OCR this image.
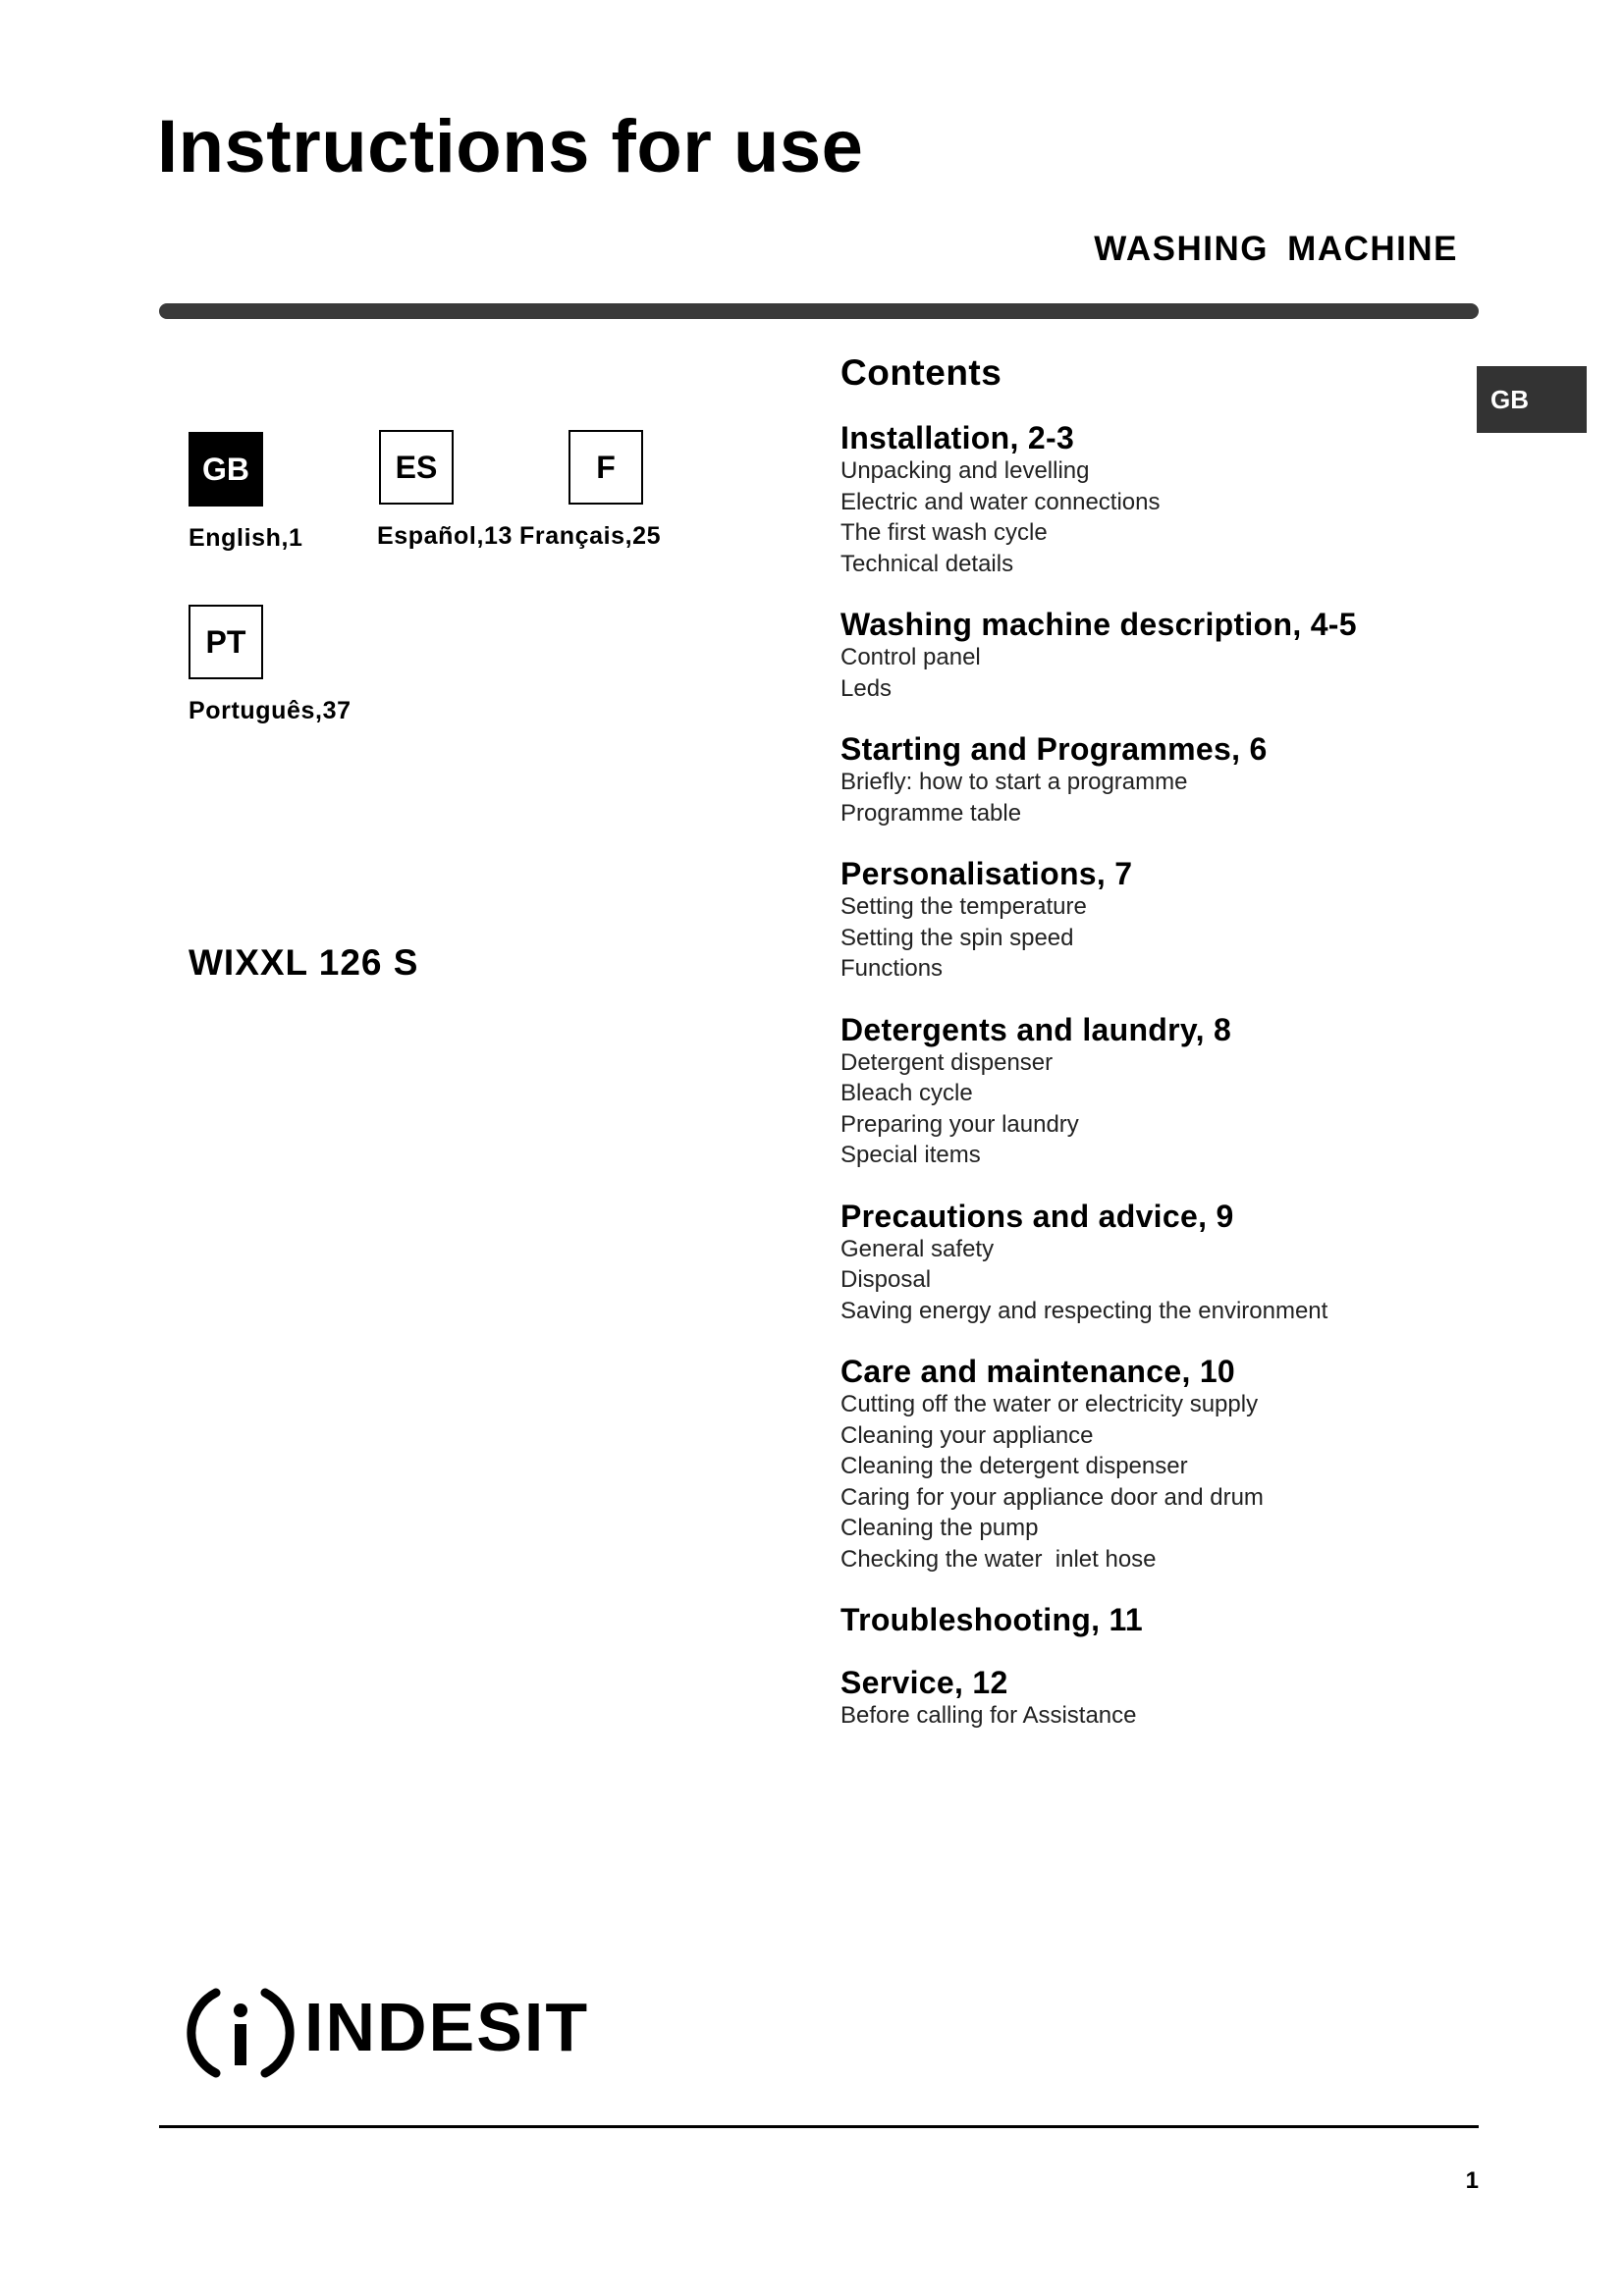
Instructions for use
WASHING MACHINE
GB
GB
English,1
ES
Español,13
F
Français,25
PT
Português,37
WIXXL 126 S
Contents
Installation, 2-3
Unpacking and levelling
Electric and water connections
The first wash cycle
Technical details
Washing machine description, 4-5
Control panel
Leds
Starting and Programmes, 6
Briefly: how to start a programme
Programme table
Personalisations, 7
Setting the temperature
Setting the spin speed
Functions
Detergents and laundry, 8
Detergent dispenser
Bleach cycle
Preparing your laundry
Special items
Precautions and advice, 9
General safety
Disposal
Saving energy and respecting the environment
Care and maintenance, 10
Cutting off the water or electricity supply
Cleaning your appliance
Cleaning the detergent dispenser
Caring for your appliance door and drum
Cleaning the pump
Checking the water  inlet hose
Troubleshooting, 11
Service, 12
Before calling for Assistance
INDESIT
1
